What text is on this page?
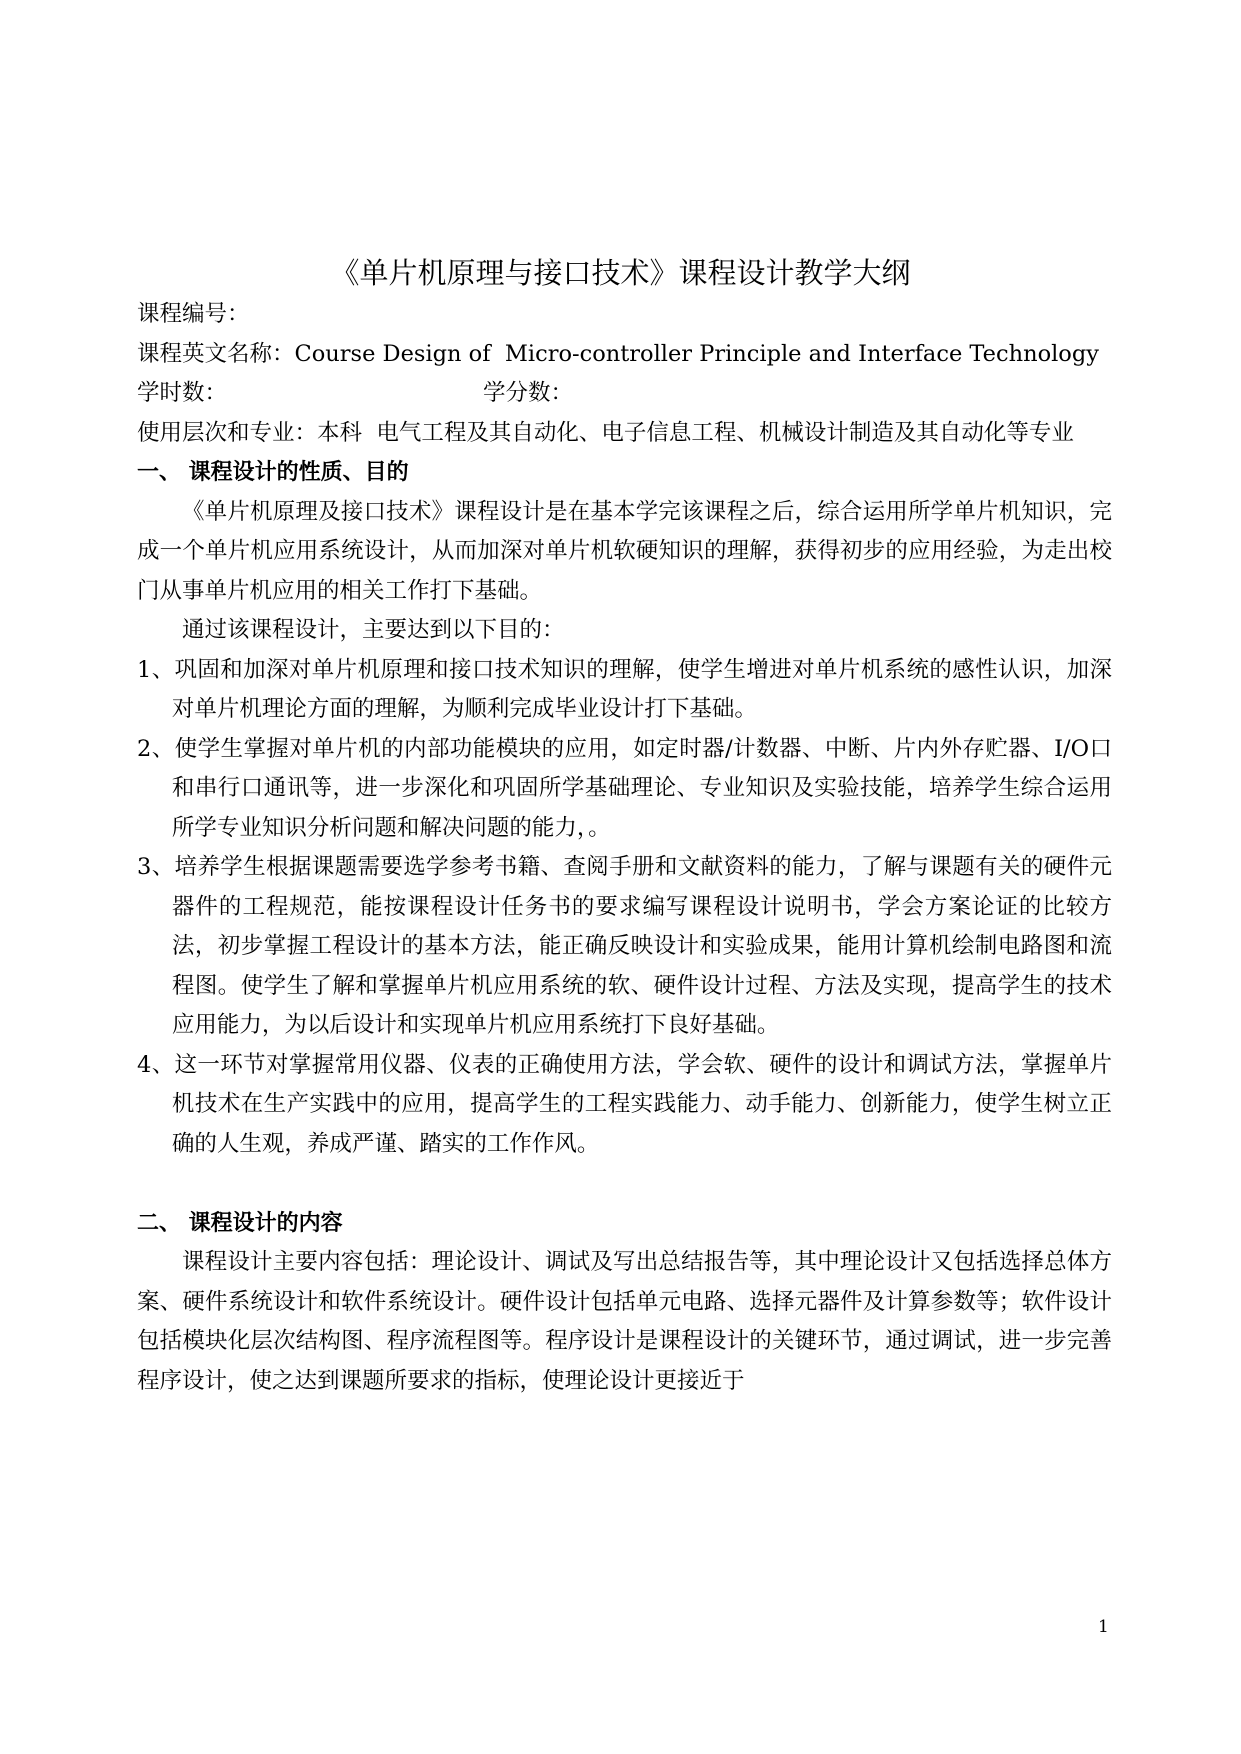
《单片机原理与接口技术》课程设计教学大纲
课程编号：
课程英文名称：Course Design of  Micro-controller Principle and Interface Technology
学时数：	学分数：
使用层次和专业：本科  电气工程及其自动化、电子信息工程、机械设计制造及其自动化等专业
一、 课程设计的性质、目的
《单片机原理及接口技术》课程设计是在基本学完该课程之后，综合运用所学单片机知识，完成一个单片机应用系统设计，从而加深对单片机软硬知识的理解，获得初步的应用经验，为走出校门从事单片机应用的相关工作打下基础。
通过该课程设计，主要达到以下目的：
1、巩固和加深对单片机原理和接口技术知识的理解，使学生增进对单片机系统的感性认识，加深对单片机理论方面的理解，为顺利完成毕业设计打下基础。
2、使学生掌握对单片机的内部功能模块的应用，如定时器/计数器、中断、片内外存贮器、I/O口和串行口通讯等，进一步深化和巩固所学基础理论、专业知识及实验技能，培养学生综合运用所学专业知识分析问题和解决问题的能力，。
3、培养学生根据课题需要选学参考书籍、查阅手册和文献资料的能力，了解与课题有关的硬件元器件的工程规范，能按课程设计任务书的要求编写课程设计说明书，学会方案论证的比较方法，初步掌握工程设计的基本方法，能正确反映设计和实验成果，能用计算机绘制电路图和流程图。使学生了解和掌握单片机应用系统的软、硬件设计过程、方法及实现，提高学生的技术应用能力，为以后设计和实现单片机应用系统打下良好基础。
4、这一环节对掌握常用仪器、仪表的正确使用方法，学会软、硬件的设计和调试方法，掌握单片机技术在生产实践中的应用，提高学生的工程实践能力、动手能力、创新能力，使学生树立正确的人生观，养成严谨、踏实的工作作风。
二、 课程设计的内容
课程设计主要内容包括：理论设计、调试及写出总结报告等，其中理论设计又包括选择总体方案、硬件系统设计和软件系统设计。硬件设计包括单元电路、选择元器件及计算参数等；软件设计包括模块化层次结构图、程序流程图等。程序设计是课程设计的关键环节，通过调试，进一步完善程序设计，使之达到课题所要求的指标，使理论设计更接近于
1
